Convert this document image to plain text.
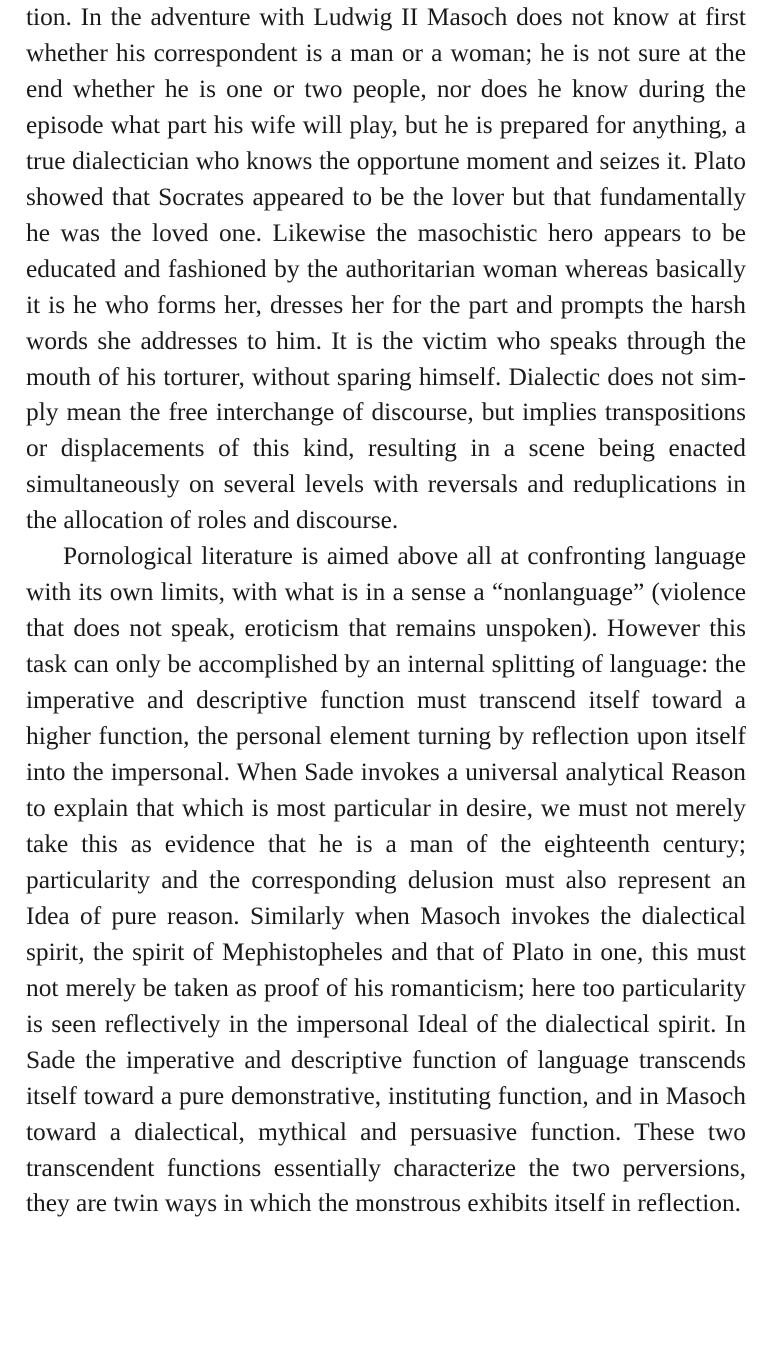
tion. In the adventure with Ludwig II Masoch does not know at first whether his correspondent is a man or a woman; he is not sure at the end whether he is one or two people, nor does he know during the episode what part his wife will play, but he is prepared for anything, a true dialectician who knows the opportune moment and seizes it. Plato showed that Socrates appeared to be the lover but that fundamentally he was the loved one. Likewise the masochistic hero appears to be educated and fashioned by the authoritarian woman whereas basically it is he who forms her, dresses her for the part and prompts the harsh words she addresses to him. It is the victim who speaks through the mouth of his torturer, without sparing himself. Dialectic does not simply mean the free interchange of discourse, but implies transpositions or displacements of this kind, resulting in a scene being enacted simultaneously on several levels with reversals and reduplications in the allocation of roles and discourse.

Pornological literature is aimed above all at confronting language with its own limits, with what is in a sense a “nonlanguage” (violence that does not speak, eroticism that remains unspoken). However this task can only be accomplished by an internal splitting of language: the imperative and descriptive function must transcend itself toward a higher function, the personal element turning by reflection upon itself into the impersonal. When Sade invokes a universal analytical Reason to explain that which is most particular in desire, we must not merely take this as evidence that he is a man of the eighteenth century; particularity and the corresponding delusion must also represent an Idea of pure reason. Similarly when Masoch invokes the dialectical spirit, the spirit of Mephistopheles and that of Plato in one, this must not merely be taken as proof of his romanticism; here too particularity is seen reflectively in the impersonal Ideal of the dialectical spirit. In Sade the imperative and descriptive function of language transcends itself toward a pure demonstrative, instituting function, and in Masoch toward a dialectical, mythical and persuasive function. These two transcendent functions essentially characterize the two perversions, they are twin ways in which the monstrous exhibits itself in reflection.
